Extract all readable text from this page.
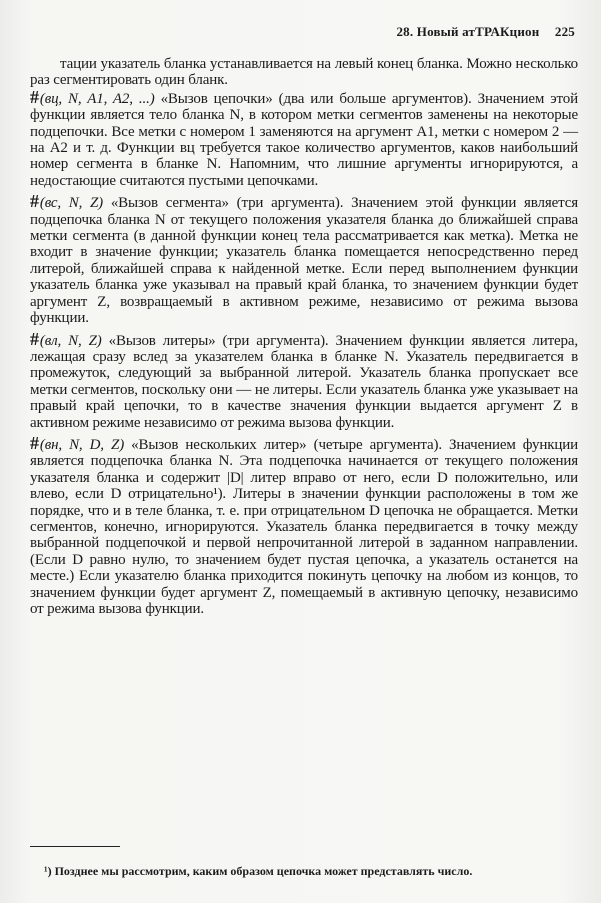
28. Новый атТРАКцион 225

тации указатель бланка устанавливается на левый конец бланка. Можно несколько раз сегментировать один бланк.

#(вц, N, A1, A2, ...) «Вызов цепочки» (два или больше аргументов). Значением этой функции является тело бланка N, в котором метки сегментов заменены на некоторые подцепочки. Все метки с номером 1 заменяются на аргумент A1, метки с номером 2 — на A2 и т. д. Функции вц требуется такое количество аргументов, каков наибольший номер сегмента в бланке N. Напомним, что лишние аргументы игнорируются, а недостающие считаются пустыми цепочками.

#(вс, N, Z) «Вызов сегмента» (три аргумента). Значением этой функции является подцепочка бланка N от текущего положения указателя бланка до ближайшей справа метки сегмента (в данной функции конец тела рассматривается как метка). Метка не входит в значение функции; указатель бланка помещается непосредственно перед литерой, ближайшей справа к найденной метке. Если перед выполнением функции указатель бланка уже указывал на правый край бланка, то значением функции будет аргумент Z, возвращаемый в активном режиме, независимо от режима вызова функции.

#(вл, N, Z) «Вызов литеры» (три аргумента). Значением функции является литера, лежащая сразу вслед за указателем бланка в бланке N. Указатель передвигается в промежуток, следующий за выбранной литерой. Указатель бланка пропускает все метки сегментов, поскольку они — не литеры. Если указатель бланка уже указывает на правый край цепочки, то в качестве значения функции выдается аргумент Z в активном режиме независимо от режима вызова функции.

#(вн, N, D, Z) «Вызов нескольких литер» (четыре аргумента). Значением функции является подцепочка бланка N. Эта подцепочка начинается от текущего положения указателя бланка и содержит |D| литер вправо от него, если D положительно, или влево, если D отрицательно¹). Литеры в значении функции расположены в том же порядке, что и в теле бланка, т. е. при отрицательном D цепочка не обращается. Метки сегментов, конечно, игнорируются. Указатель бланка передвигается в точку между выбранной подцепочкой и первой непрочитанной литерой в заданном направлении. (Если D равно нулю, то значением будет пустая цепочка, а указатель останется на месте.) Если указателю бланка приходится покинуть цепочку на любом из концов, то значением функции будет аргумент Z, помещаемый в активную цепочку, независимо от режима вызова функции.

¹) Позднее мы рассмотрим, каким образом цепочка может представлять число.
